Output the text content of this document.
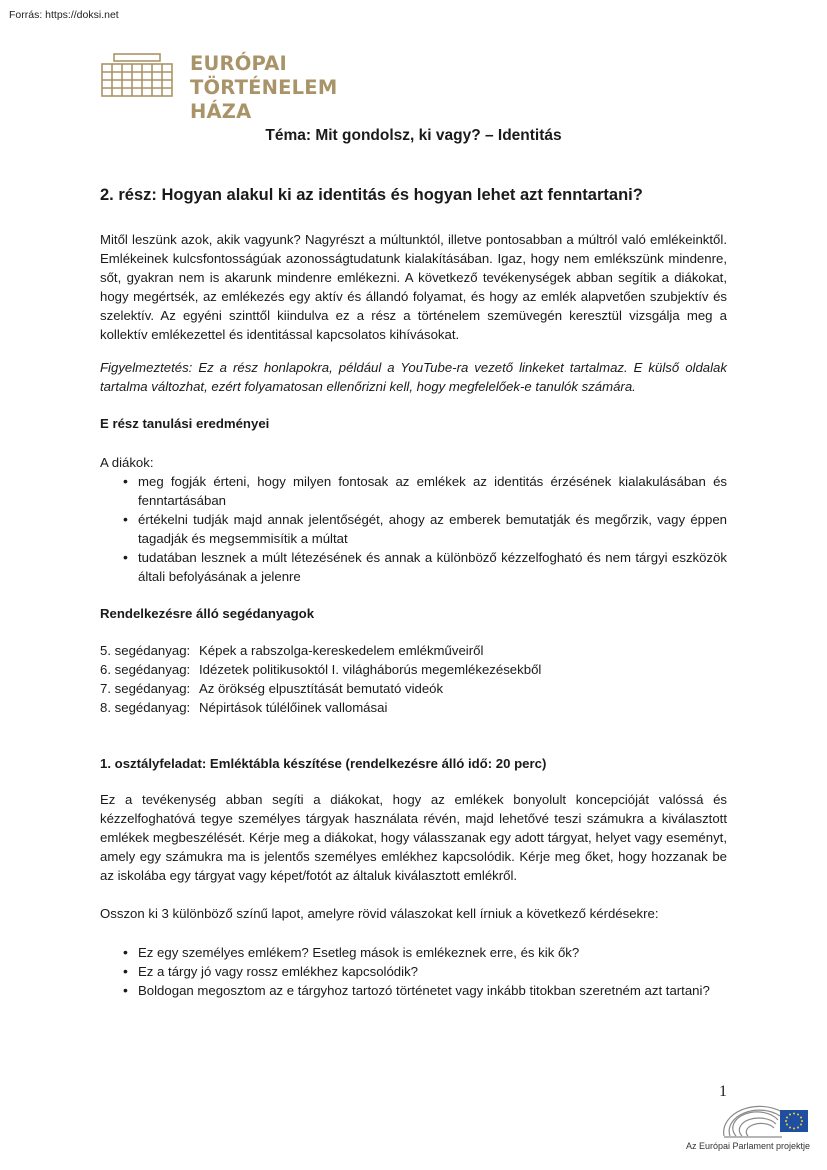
Forrás: https://doksi.net
EURÓPAI
TÖRTÉNELEM HÁZA
Téma: Mit gondolsz, ki vagy? – Identitás
2. rész: Hogyan alakul ki az identitás és hogyan lehet azt fenntartani?
Mitől leszünk azok, akik vagyunk? Nagyrészt a múltunktól, illetve pontosabban a múltról való emlékeinktől. Emlékeinek kulcsfontosságúak azonosságtudatunk kialakításában. Igaz, hogy nem emlékszünk mindenre, sőt, gyakran nem is akarunk mindenre emlékezni. A következő tevékenységek abban segítik a diákokat, hogy megértsék, az emlékezés egy aktív és állandó folyamat, és hogy az emlék alapvetően szubjektív és szelektív. Az egyéni szinttől kiindulva ez a rész a történelem szemüvegén keresztül vizsgálja meg a kollektív emlékezettel és identitással kapcsolatos kihívásokat.
Figyelmeztetés: Ez a rész honlapokra, például a YouTube-ra vezető linkeket tartalmaz. E külső oldalak tartalma változhat, ezért folyamatosan ellenőrizni kell, hogy megfelelőek-e tanulók számára.
E rész tanulási eredményei
A diákok:
• meg fogják érteni, hogy milyen fontosak az emlékek az identitás érzésének kialakulásában és fenntartásában
• értékelni tudják majd annak jelentőségét, ahogy az emberek bemutatják és megőrzik, vagy éppen tagadják és megsemmisítik a múltat
• tudatában lesznek a múlt létezésének és annak a különböző kézzelfogható és nem tárgyi eszközök általi befolyásának a jelenre
Rendelkezésre álló segédanyagok
5. segédanyag: Képek a rabszolga-kereskedelem emlékműveiről
6. segédanyag: Idézetek politikusoktól I. világháborús megemlékezésekből
7. segédanyag: Az örökség elpusztítását bemutató videók
8. segédanyag: Népirtások túlélőinek vallomásai
1. osztályfeladat: Emléktábla készítése (rendelkezésre álló idő: 20 perc)
Ez a tevékenység abban segíti a diákokat, hogy az emlékek bonyolult koncepcióját valóssá és kézzelfoghatóvá tegye személyes tárgyak használata révén, majd lehetővé teszi számukra a kiválasztott emlékek megbeszélését. Kérje meg a diákokat, hogy válasszanak egy adott tárgyat, helyet vagy eseményt, amely egy számukra ma is jelentős személyes emlékhez kapcsolódik. Kérje meg őket, hogy hozzanak be az iskolába egy tárgyat vagy képet/fotót az általuk kiválasztott emlékről.
Osszon ki 3 különböző színű lapot, amelyre rövid válaszokat kell írniuk a következő kérdésekre:
• Ez egy személyes emlékem? Esetleg mások is emlékeznek erre, és kik ők?
• Ez a tárgy jó vagy rossz emlékhez kapcsolódik?
• Boldogan megosztom az e tárgyhoz tartozó történetet vagy inkább titokban szeretném azt tartani?
1
Az Európai Parlament projektje
